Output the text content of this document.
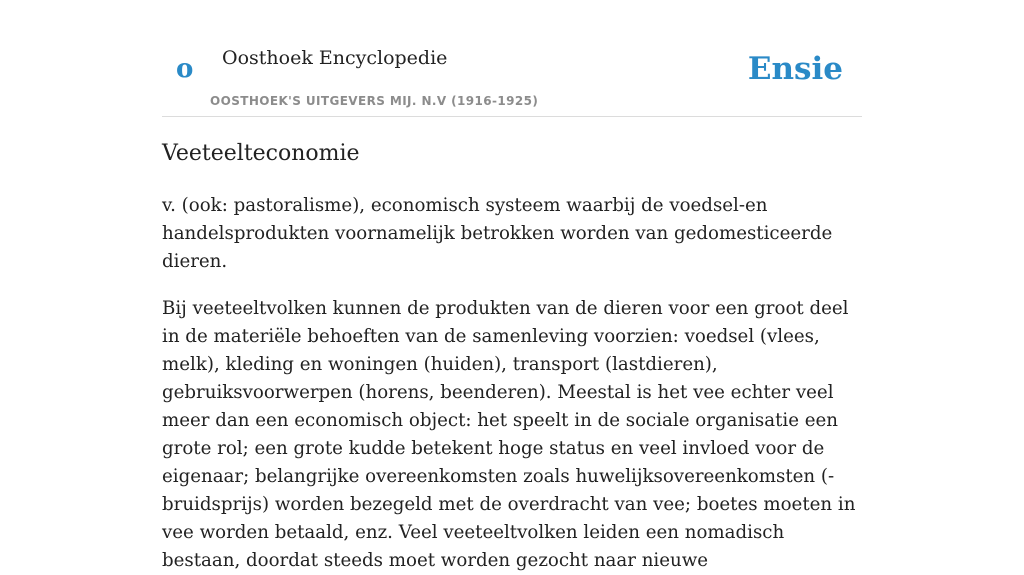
o Oosthoek Encyclopedie
OOSTHOEK'S UITGEVERS MIJ. N.V (1916-1925)
Ensie
Veeteelteconomie

v. (ook: pastoralisme), economisch systeem waarbij de voedsel-en handelsprodukten voornamelijk betrokken worden van gedomesticeerde dieren.

Bij veeteeltvolken kunnen de produkten van de dieren voor een groot deel in de materiële behoeften van de samenleving voorzien: voedsel (vlees, melk), kleding en woningen (huiden), transport (lastdieren), gebruiksvoorwerpen (horens, beenderen). Meestal is het vee echter veel meer dan een economisch object: het speelt in de sociale organisatie een grote rol; een grote kudde betekent hoge status en veel invloed voor de eigenaar; belangrijke overeenkomsten zoals huwelijksovereenkomsten (-bruidsprijs) worden bezegeld met de overdracht van vee; boetes moeten in vee worden betaald, enz. Veel veeteeltvolken leiden een nomadisch bestaan, doordat steeds moet worden gezocht naar nieuwe
